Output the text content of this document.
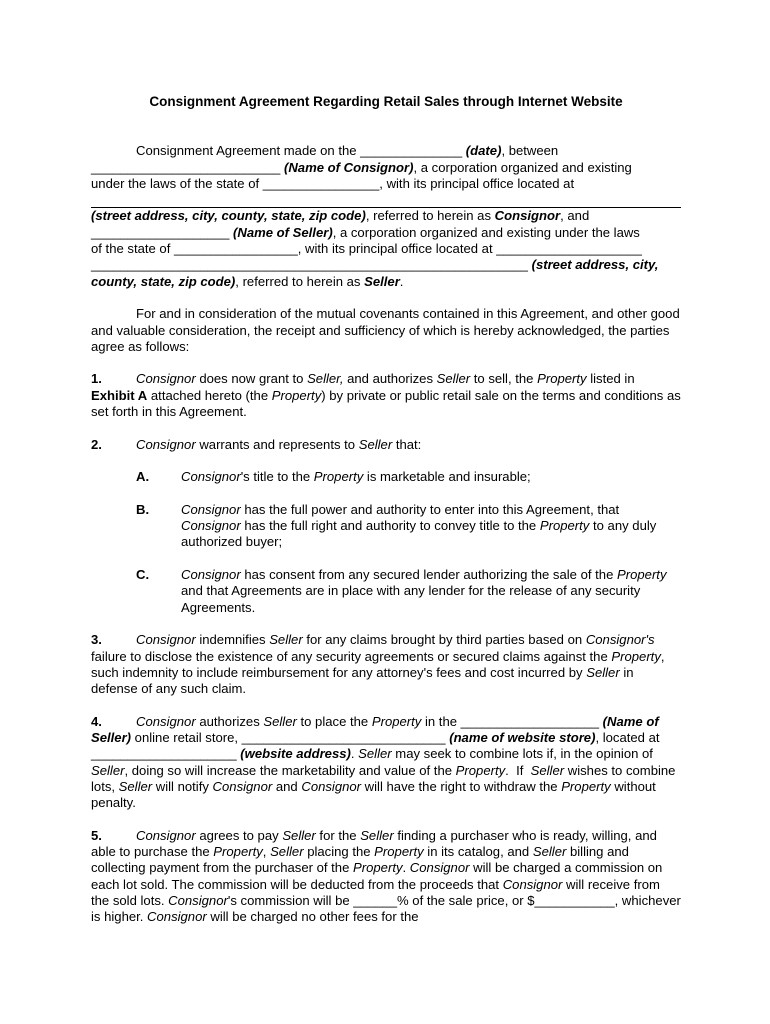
Consignment Agreement Regarding Retail Sales through Internet Website

Consignment Agreement made on the ______________ (date), between
__________________________ (Name of Consignor), a corporation organized and existing
under the laws of the state of ________________, with its principal office located at
(street address, city, county, state, zip code), referred to herein as Consignor, and
___________________ (Name of Seller), a corporation organized and existing under the laws
of the state of _________________, with its principal office located at ____________________
____________________________________________________________ (street address, city,
county, state, zip code), referred to herein as Seller.

For and in consideration of the mutual covenants contained in this Agreement, and other good and valuable consideration, the receipt and sufficiency of which is hereby acknowledged, the parties agree as follows:

1.	Consignor does now grant to Seller, and authorizes Seller to sell, the Property listed in Exhibit A attached hereto (the Property) by private or public retail sale on the terms and conditions as set forth in this Agreement.

2.	Consignor warrants and represents to Seller that:

A. Consignor's title to the Property is marketable and insurable;

B. Consignor has the full power and authority to enter into this Agreement, that Consignor has the full right and authority to convey title to the Property to any duly authorized buyer;

C. Consignor has consent from any secured lender authorizing the sale of the Property and that Agreements are in place with any lender for the release of any security Agreements.

3.	Consignor indemnifies Seller for any claims brought by third parties based on Consignor's failure to disclose the existence of any security agreements or secured claims against the Property, such indemnity to include reimbursement for any attorney's fees and cost incurred by Seller in defense of any such claim.

4.	Consignor authorizes Seller to place the Property in the ___________________ (Name of Seller) online retail store, ____________________________ (name of website store), located at ____________________ (website address). Seller may seek to combine lots if, in the opinion of Seller, doing so will increase the marketability and value of the Property.  If  Seller wishes to combine lots, Seller will notify Consignor and Consignor will have the right to withdraw the Property without penalty.

5.	Consignor agrees to pay Seller for the Seller finding a purchaser who is ready, willing, and able to purchase the Property, Seller placing the Property in its catalog, and Seller billing and collecting payment from the purchaser of the Property. Consignor will be charged a commission on each lot sold. The commission will be deducted from the proceeds that Consignor will receive from the sold lots. Consignor's commission will be ______% of the sale price, or $___________, whichever is higher. Consignor will be charged no other fees for the
